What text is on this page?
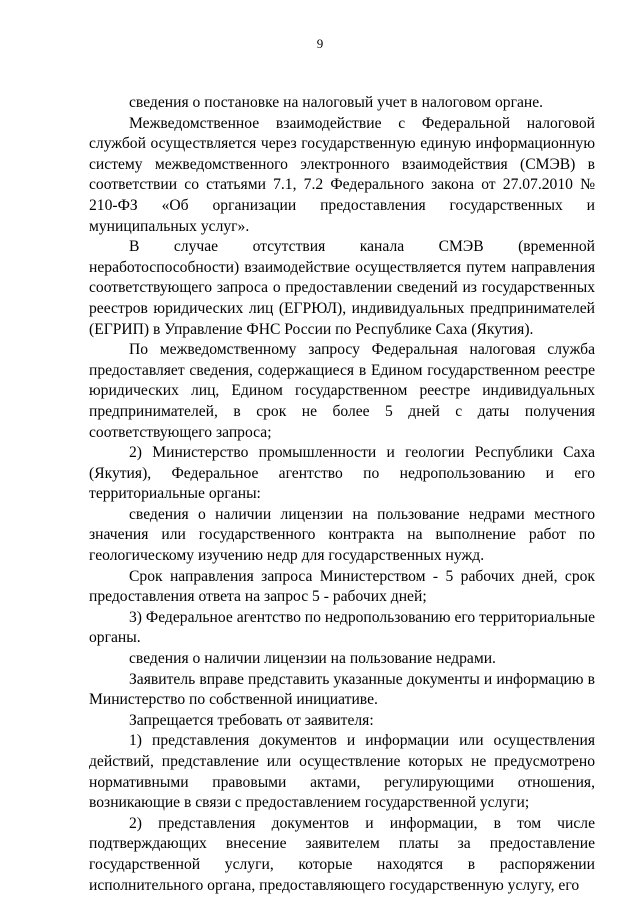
9

сведения о постановке на налоговый учет в налоговом органе.

Межведомственное взаимодействие с Федеральной налоговой службой осуществляется через государственную единую информационную систему межведомственного электронного взаимодействия (СМЭВ) в соответствии со статьями 7.1, 7.2 Федерального закона от 27.07.2010 № 210-ФЗ «Об организации предоставления государственных и муниципальных услуг».

В случае отсутствия канала СМЭВ (временной неработоспособности) взаимодействие осуществляется путем направления соответствующего запроса о предоставлении сведений из государственных реестров юридических лиц (ЕГРЮЛ), индивидуальных предпринимателей (ЕГРИП) в Управление ФНС России по Республике Саха (Якутия).

По межведомственному запросу Федеральная налоговая служба предоставляет сведения, содержащиеся в Едином государственном реестре юридических лиц, Едином государственном реестре индивидуальных предпринимателей, в срок не более 5 дней с даты получения соответствующего запроса;

2) Министерство промышленности и геологии Республики Саха (Якутия), Федеральное агентство по недропользованию и его территориальные органы:

сведения о наличии лицензии на пользование недрами местного значения или государственного контракта на выполнение работ по геологическому изучению недр для государственных нужд.

Срок направления запроса Министерством - 5 рабочих дней, срок предоставления ответа на запрос 5 - рабочих дней;

3) Федеральное агентство по недропользованию его территориальные органы.

сведения о наличии лицензии на пользование недрами.

Заявитель вправе представить указанные документы и информацию в Министерство по собственной инициативе.

Запрещается требовать от заявителя:

1) представления документов и информации или осуществления действий, представление или осуществление которых не предусмотрено нормативными правовыми актами, регулирующими отношения, возникающие в связи с предоставлением государственной услуги;

2) представления документов и информации, в том числе подтверждающих внесение заявителем платы за предоставление государственной услуги, которые находятся в распоряжении исполнительного органа, предоставляющего государственную услугу, его
